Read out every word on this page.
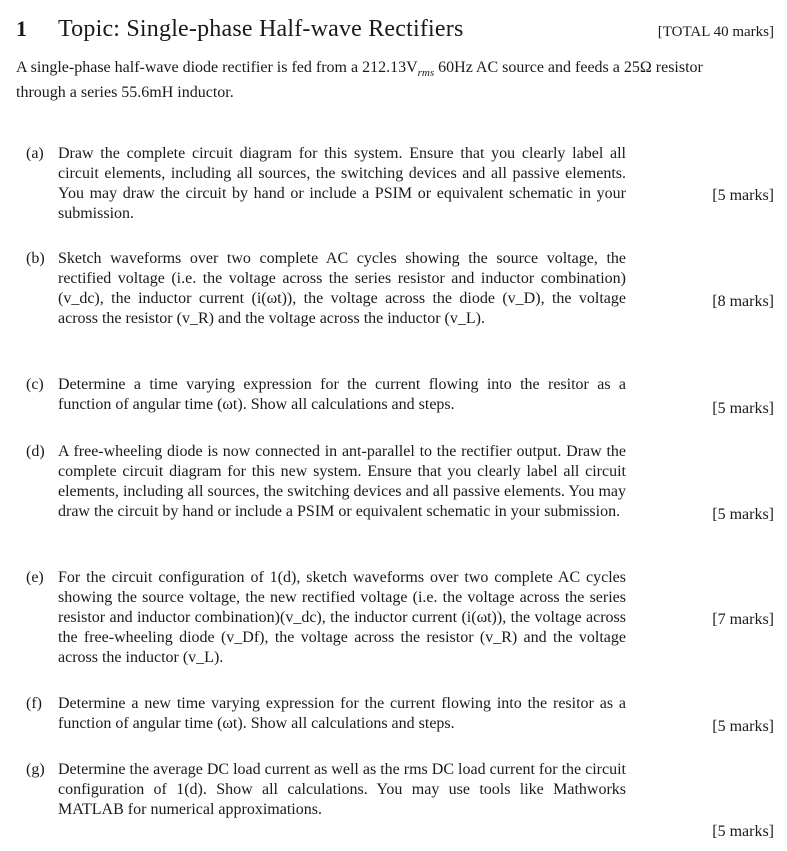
1 Topic: Single-phase Half-wave Rectifiers	[TOTAL 40 marks]
A single-phase half-wave diode rectifier is fed from a $212.13V_{rms}$ 60Hz AC source and feeds a 25Ω resistor
through a series 55.6mH inductor.
(a) Draw the complete circuit diagram for this system. Ensure that you clearly label all circuit elements, including all sources, the switching devices and all passive elements. You may draw the circuit by hand or include a PSIM or equivalent schematic in your submission.
[5 marks]
(b) Sketch waveforms over two complete AC cycles showing the source voltage, the rectified voltage (i.e. the voltage across the series resistor and inductor combination)(v_dc), the inductor current (i(ωt)), the voltage across the diode (v_D), the voltage across the resistor (v_R) and the voltage across the inductor (v_L).
[8 marks]
(c) Determine a time varying expression for the current flowing into the resitor as a function of angular time (ωt). Show all calculations and steps.	[5 marks]
(d) A free-wheeling diode is now connected in ant-parallel to the rectifier output. Draw the complete circuit diagram for this new system. Ensure that you clearly label all circuit elements, including all sources, the switching devices and all passive elements. You may draw the circuit by hand or include a PSIM or equivalent schematic in your submission.	[5 marks]
(e) For the circuit configuration of 1(d), sketch waveforms over two complete AC cycles showing the source voltage, the new rectified voltage (i.e. the voltage across the series resistor and inductor combination)(v_dc), the inductor current (i(ωt)), the voltage across the free-wheeling diode (v_Df), the voltage across the resistor (v_R) and the voltage across the inductor (v_L).
[7 marks]
(f) Determine a new time varying expression for the current flowing into the resitor as a function of angular time (ωt). Show all calculations and steps.	[5 marks]
(g) Determine the average DC load current as well as the rms DC load current for the circuit configuration of 1(d). Show all calculations. You may use tools like Mathworks MATLAB for numerical approximations.
[5 marks]
